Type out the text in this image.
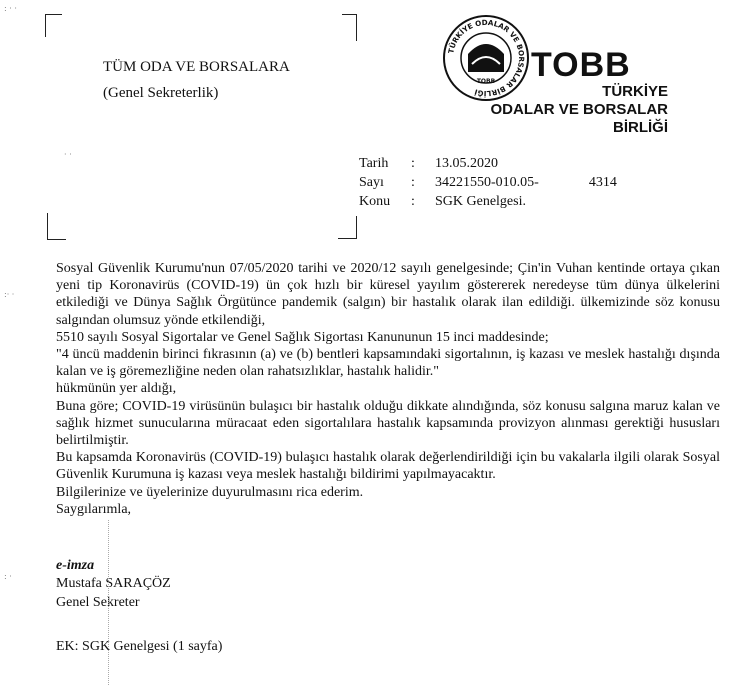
TÜM ODA VE BORSALARA
(Genel Sekreterlik)
TÜRKİYE ODALAR VE BORSALAR BİRLİĞİ
TOBB TOBB
TÜRKİYE
ODALAR VE BORSALAR
BİRLİĞİ
Tarih	:	13.05.2020
Sayı	:	34221550-010.05-	4314
Konu	:	SGK Genelgesi.

Sosyal Güvenlik Kurumu'nun 07/05/2020 tarihi ve 2020/12 sayılı genelgesinde; Çin'in Vuhan kentinde ortaya çıkan yeni tip Koronavirüs (COVID-19) ün çok hızlı bir küresel yayılım göstererek neredeyse tüm dünya ülkelerini etkilediği ve Dünya Sağlık Örgütünce pandemik (salgın) bir hastalık olarak ilan edildiği. ülkemizinde söz konusu salgından olumsuz yönde etkilendiği,

5510 sayılı Sosyal Sigortalar ve Genel Sağlık Sigortası Kanununun 15 inci maddesinde;

"4 üncü maddenin birinci fıkrasının (a) ve (b) bentleri kapsamındaki sigortalının, iş kazası ve meslek hastalığı dışında kalan ve iş göremezliğine neden olan rahatsızlıklar, hastalık halidir."

hükmünün yer aldığı,

Buna göre; COVID-19 virüsünün bulaşıcı bir hastalık olduğu dikkate alındığında, söz konusu salgına maruz kalan ve sağlık hizmet sunucularına müracaat eden sigortalılara hastalık kapsamında provizyon alınması gerektiği hususları belirtilmiştir.

Bu kapsamda Koronavirüs (COVID-19) bulaşıcı hastalık olarak değerlendirildiği için bu vakalarla ilgili olarak Sosyal Güvenlik Kurumuna iş kazası veya meslek hastalığı bildirimi yapılmayacaktır.

Bilgilerinize ve üyelerinize duyurulmasını rica ederim.

Saygılarımla,

e-imza
Mustafa SARAÇÖZ
Genel Sekreter
EK: SGK Genelgesi (1 sayfa)
: · ·
:· ·
: ·
· ·
